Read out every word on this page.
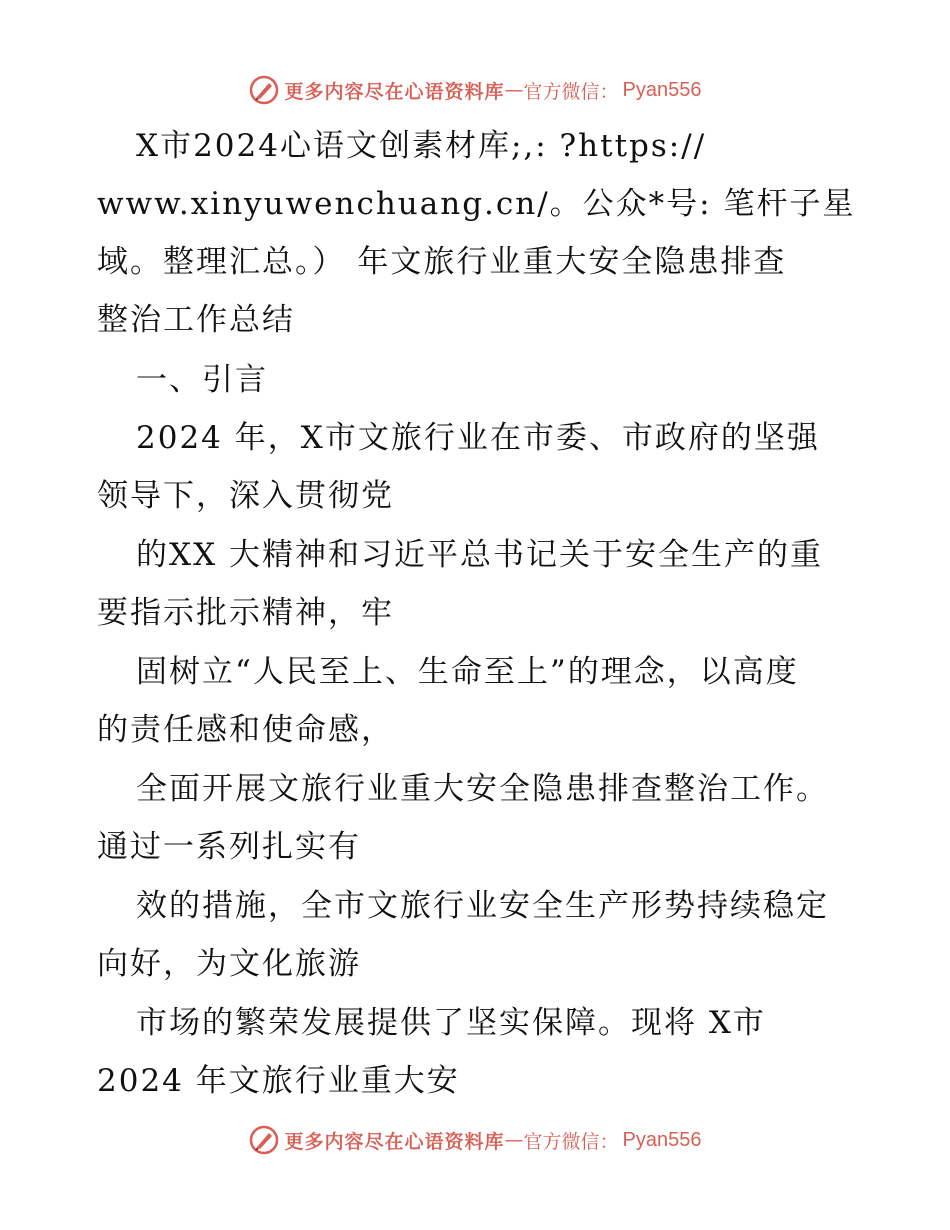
更多内容尽在心语资料库 — 官方微信： Pyan556
X市2024心语文创素材库;,: ?https://
www.xinyuwenchuang.cn/。公众*号: 笔杆子星
域。整理汇总。） 年文旅行业重大安全隐患排查
整治工作总结
一、引言
2024 年，X市文旅行业在市委、市政府的坚强
领导下，深入贯彻党
的XX 大精神和习近平总书记关于安全生产的重
要指示批示精神，牢
固树立“人民至上、生命至上”的理念，以高度
的责任感和使命感，
全面开展文旅行业重大安全隐患排查整治工作。
通过一系列扎实有
效的措施，全市文旅行业安全生产形势持续稳定
向好，为文化旅游
市场的繁荣发展提供了坚实保障。现将 X市
2024 年文旅行业重大安
更多内容尽在心语资料库 — 官方微信： Pyan556
